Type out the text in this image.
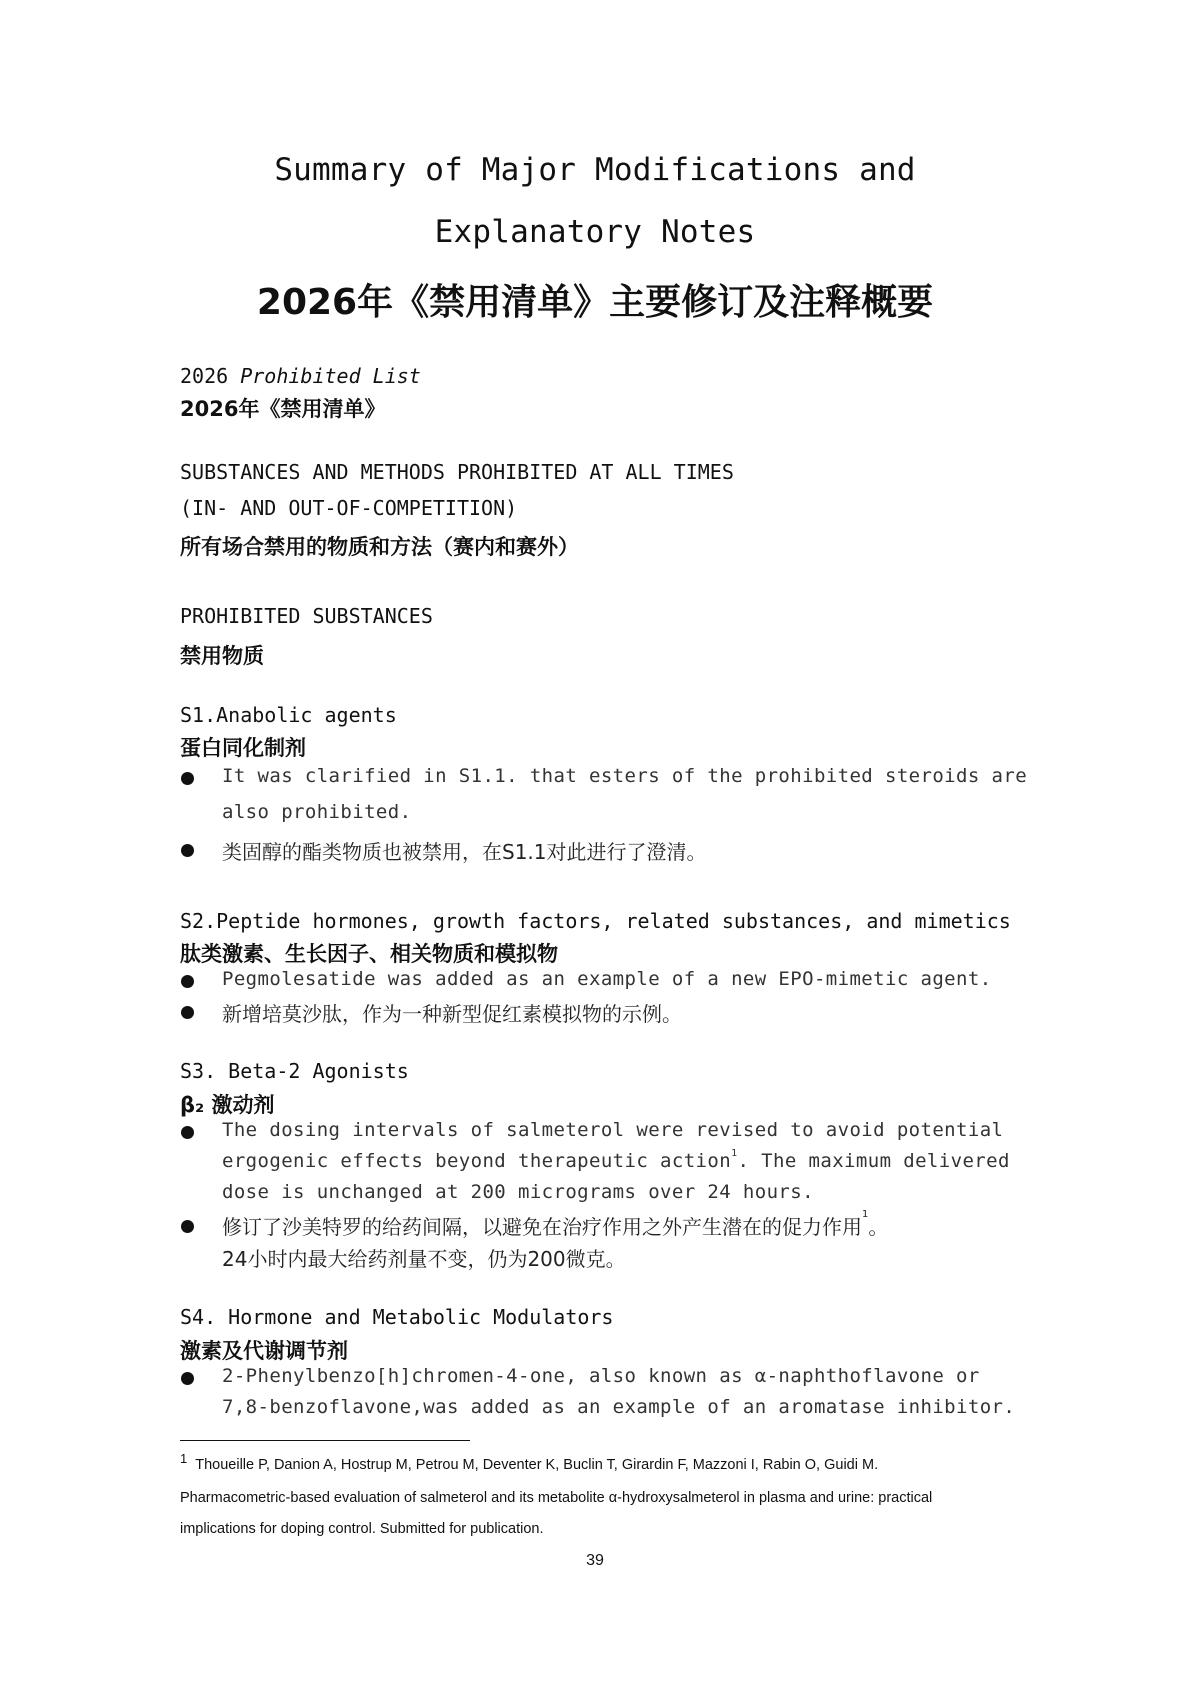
Summary of Major Modifications and
Explanatory Notes
2026年《禁用清单》主要修订及注释概要
2026 Prohibited List
2026年《禁用清单》
SUBSTANCES AND METHODS PROHIBITED AT ALL TIMES
(IN- AND OUT-OF-COMPETITION)
所有场合禁用的物质和方法（赛内和赛外）
PROHIBITED SUBSTANCES
禁用物质
S1.Anabolic agents
蛋白同化制剂
It was clarified in S1.1. that esters of the prohibited steroids are
also prohibited.
类固醇的酯类物质也被禁用，在S1.1对此进行了澄清。
S2.Peptide hormones, growth factors, related substances, and mimetics
肽类激素、生长因子、相关物质和模拟物
Pegmolesatide was added as an example of a new EPO-mimetic agent.
新增培莫沙肽，作为一种新型促红素模拟物的示例。
S3. Beta-2 Agonists
β₂ 激动剂
The dosing intervals of salmeterol were revised to avoid potential
ergogenic effects beyond therapeutic action$^1$. The maximum delivered
dose is unchanged at 200 micrograms over 24 hours.
修订了沙美特罗的给药间隔，以避免在治疗作用之外产生潜在的促力作用$^1$。
24小时内最大给药剂量不变，仍为200微克。
S4. Hormone and Metabolic Modulators
激素及代谢调节剂
2-Phenylbenzo[h]chromen-4-one, also known as α-naphthoflavone or
7,8-benzoflavone,was added as an example of an aromatase inhibitor.
1 Thoueille P, Danion A, Hostrup M, Petrou M, Deventer K, Buclin T, Girardin F, Mazzoni I, Rabin O, Guidi M.
Pharmacometric-based evaluation of salmeterol and its metabolite α-hydroxysalmeterol in plasma and urine: practical
implications for doping control. Submitted for publication.
39
